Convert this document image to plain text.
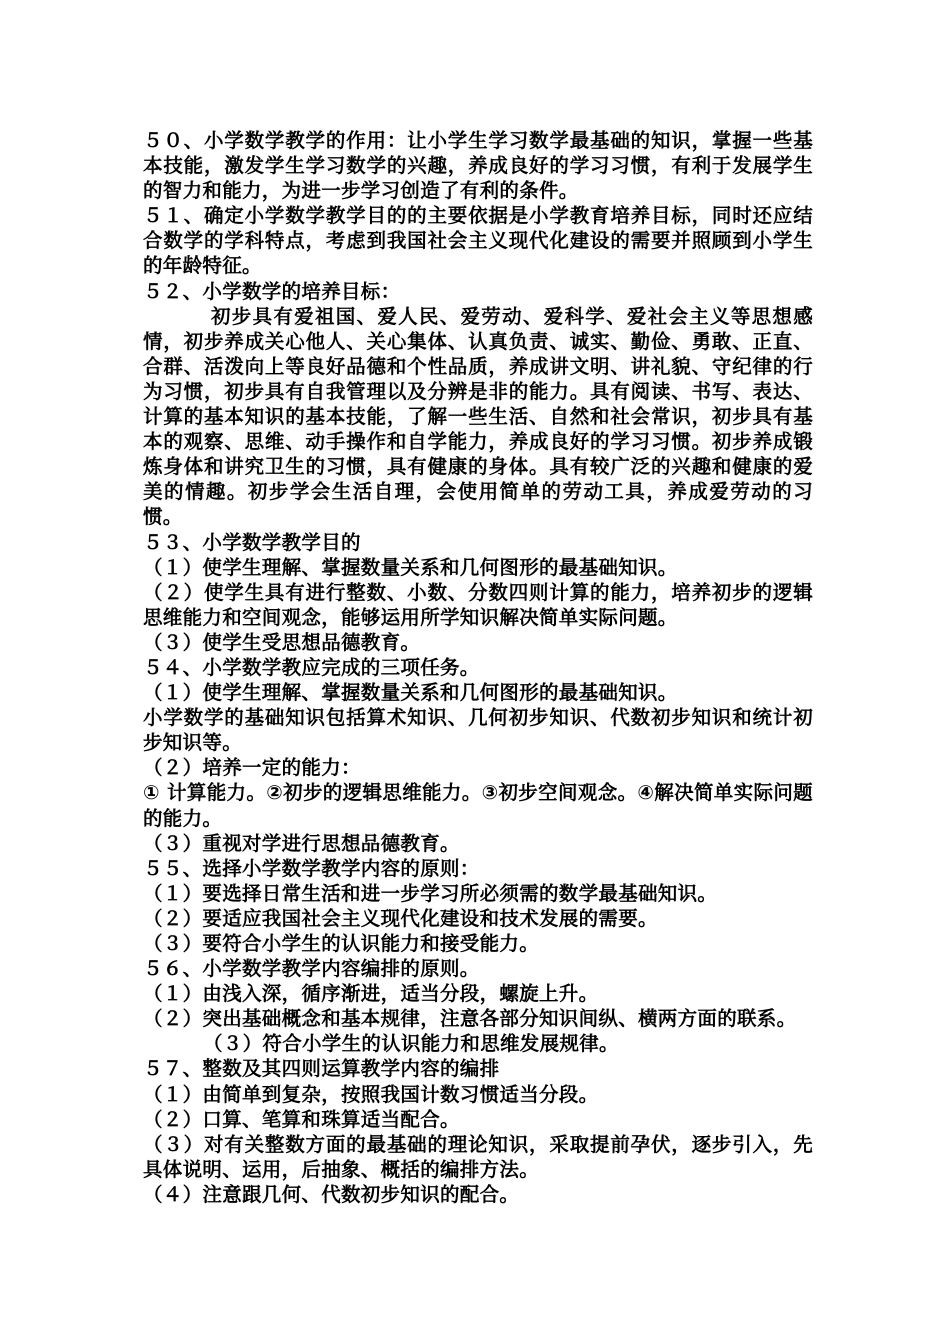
５０、小学数学教学的作用：让小学生学习数学最基础的知识，掌握一些基本技能，激发学生学习数学的兴趣，养成良好的学习习惯，有利于发展学生的智力和能力，为进一步学习创造了有利的条件。

５１、确定小学数学教学目的的主要依据是小学教育培养目标，同时还应结合数学的学科特点，考虑到我国社会主义现代化建设的需要并照顾到小学生的年龄特征。

５２、小学数学的培养目标：

初步具有爱祖国、爱人民、爱劳动、爱科学、爱社会主义等思想感情，初步养成关心他人、关心集体、认真负责、诚实、勤俭、勇敢、正直、合群、活泼向上等良好品德和个性品质，养成讲文明、讲礼貌、守纪律的行为习惯，初步具有自我管理以及分辨是非的能力。具有阅读、书写、表达、计算的基本知识的基本技能，了解一些生活、自然和社会常识，初步具有基本的观察、思维、动手操作和自学能力，养成良好的学习习惯。初步养成锻炼身体和讲究卫生的习惯，具有健康的身体。具有较广泛的兴趣和健康的爱美的情趣。初步学会生活自理，会使用简单的劳动工具，养成爱劳动的习惯。

５３、小学数学教学目的

（１）使学生理解、掌握数量关系和几何图形的最基础知识。

（２）使学生具有进行整数、小数、分数四则计算的能力，培养初步的逻辑思维能力和空间观念，能够运用所学知识解决简单实际问题。

（３）使学生受思想品德教育。

５４、小学数学教应完成的三项任务。

（１）使学生理解、掌握数量关系和几何图形的最基础知识。

小学数学的基础知识包括算术知识、几何初步知识、代数初步知识和统计初步知识等。

（２）培养一定的能力：

① 计算能力。②初步的逻辑思维能力。③初步空间观念。④解决简单实际问题的能力。

（３）重视对学进行思想品德教育。

５５、选择小学数学教学内容的原则：

（１）要选择日常生活和进一步学习所必须需的数学最基础知识。

（２）要适应我国社会主义现代化建设和技术发展的需要。

（３）要符合小学生的认识能力和接受能力。

５６、小学数学教学内容编排的原则。

（１）由浅入深，循序渐进，适当分段，螺旋上升。

（２）突出基础概念和基本规律，注意各部分知识间纵、横两方面的联系。

（３）符合小学生的认识能力和思维发展规律。

５７、整数及其四则运算教学内容的编排

（１）由简单到复杂，按照我国计数习惯适当分段。

（２）口算、笔算和珠算适当配合。

（３）对有关整数方面的最基础的理论知识，采取提前孕伏，逐步引入，先具体说明、运用，后抽象、概括的编排方法。

（４）注意跟几何、代数初步知识的配合。
